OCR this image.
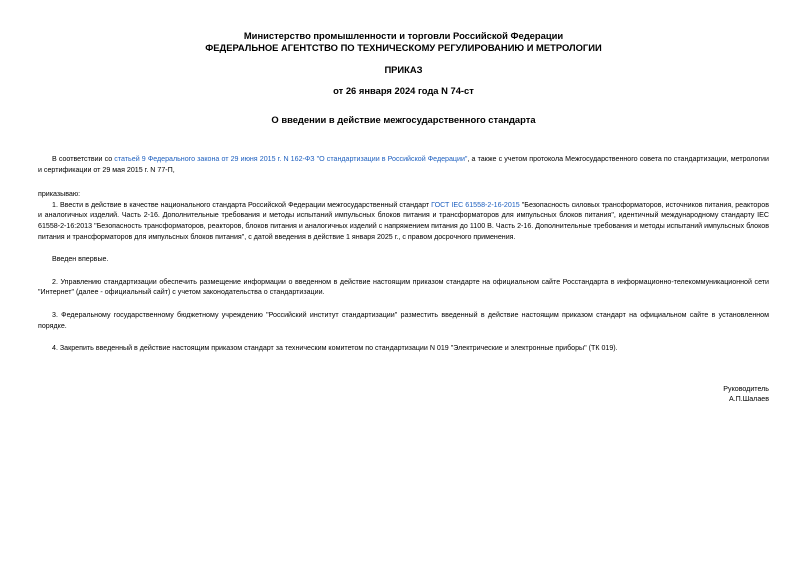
Министерство промышленности и торговли Российской Федерации
ФЕДЕРАЛЬНОЕ АГЕНТСТВО ПО ТЕХНИЧЕСКОМУ РЕГУЛИРОВАНИЮ И МЕТРОЛОГИИ
ПРИКАЗ
от 26 января 2024 года N 74-ст
О введении в действие межгосударственного стандарта

В соответствии со статьей 9 Федерального закона от 29 июня 2015 г. N 162-ФЗ "О стандартизации в Российской Федерации", а также с учетом протокола Межгосударственного совета по стандартизации, метрологии и сертификации от 29 мая 2015 г. N 77-П,

приказываю:

1. Ввести в действие в качестве национального стандарта Российской Федерации межгосударственный стандарт ГОСТ IEC 61558-2-16-2015 "Безопасность силовых трансформаторов, источников питания, реакторов и аналогичных изделий. Часть 2-16. Дополнительные требования и методы испытаний импульсных блоков питания и трансформаторов для импульсных блоков питания", идентичный международному стандарту IEC 61558-2-16:2013 "Безопасность трансформаторов, реакторов, блоков питания и аналогичных изделий с напряжением питания до 1100 В. Часть 2-16. Дополнительные требования и методы испытаний импульсных блоков питания и трансформаторов для импульсных блоков питания", с датой введения в действие 1 января 2025 г., с правом досрочного применения.

Введен впервые.

2. Управлению стандартизации обеспечить размещение информации о введенном в действие настоящим приказом стандарте на официальном сайте Росстандарта в информационно-телекоммуникационной сети "Интернет" (далее - официальный сайт) с учетом законодательства о стандартизации.

3. Федеральному государственному бюджетному учреждению "Российский институт стандартизации" разместить введенный в действие настоящим приказом стандарт на официальном сайте в установленном порядке.

4. Закрепить введенный в действие настоящим приказом стандарт за техническим комитетом по стандартизации N 019 "Электрические и электронные приборы" (ТК 019).

Руководитель
А.П.Шалаев
